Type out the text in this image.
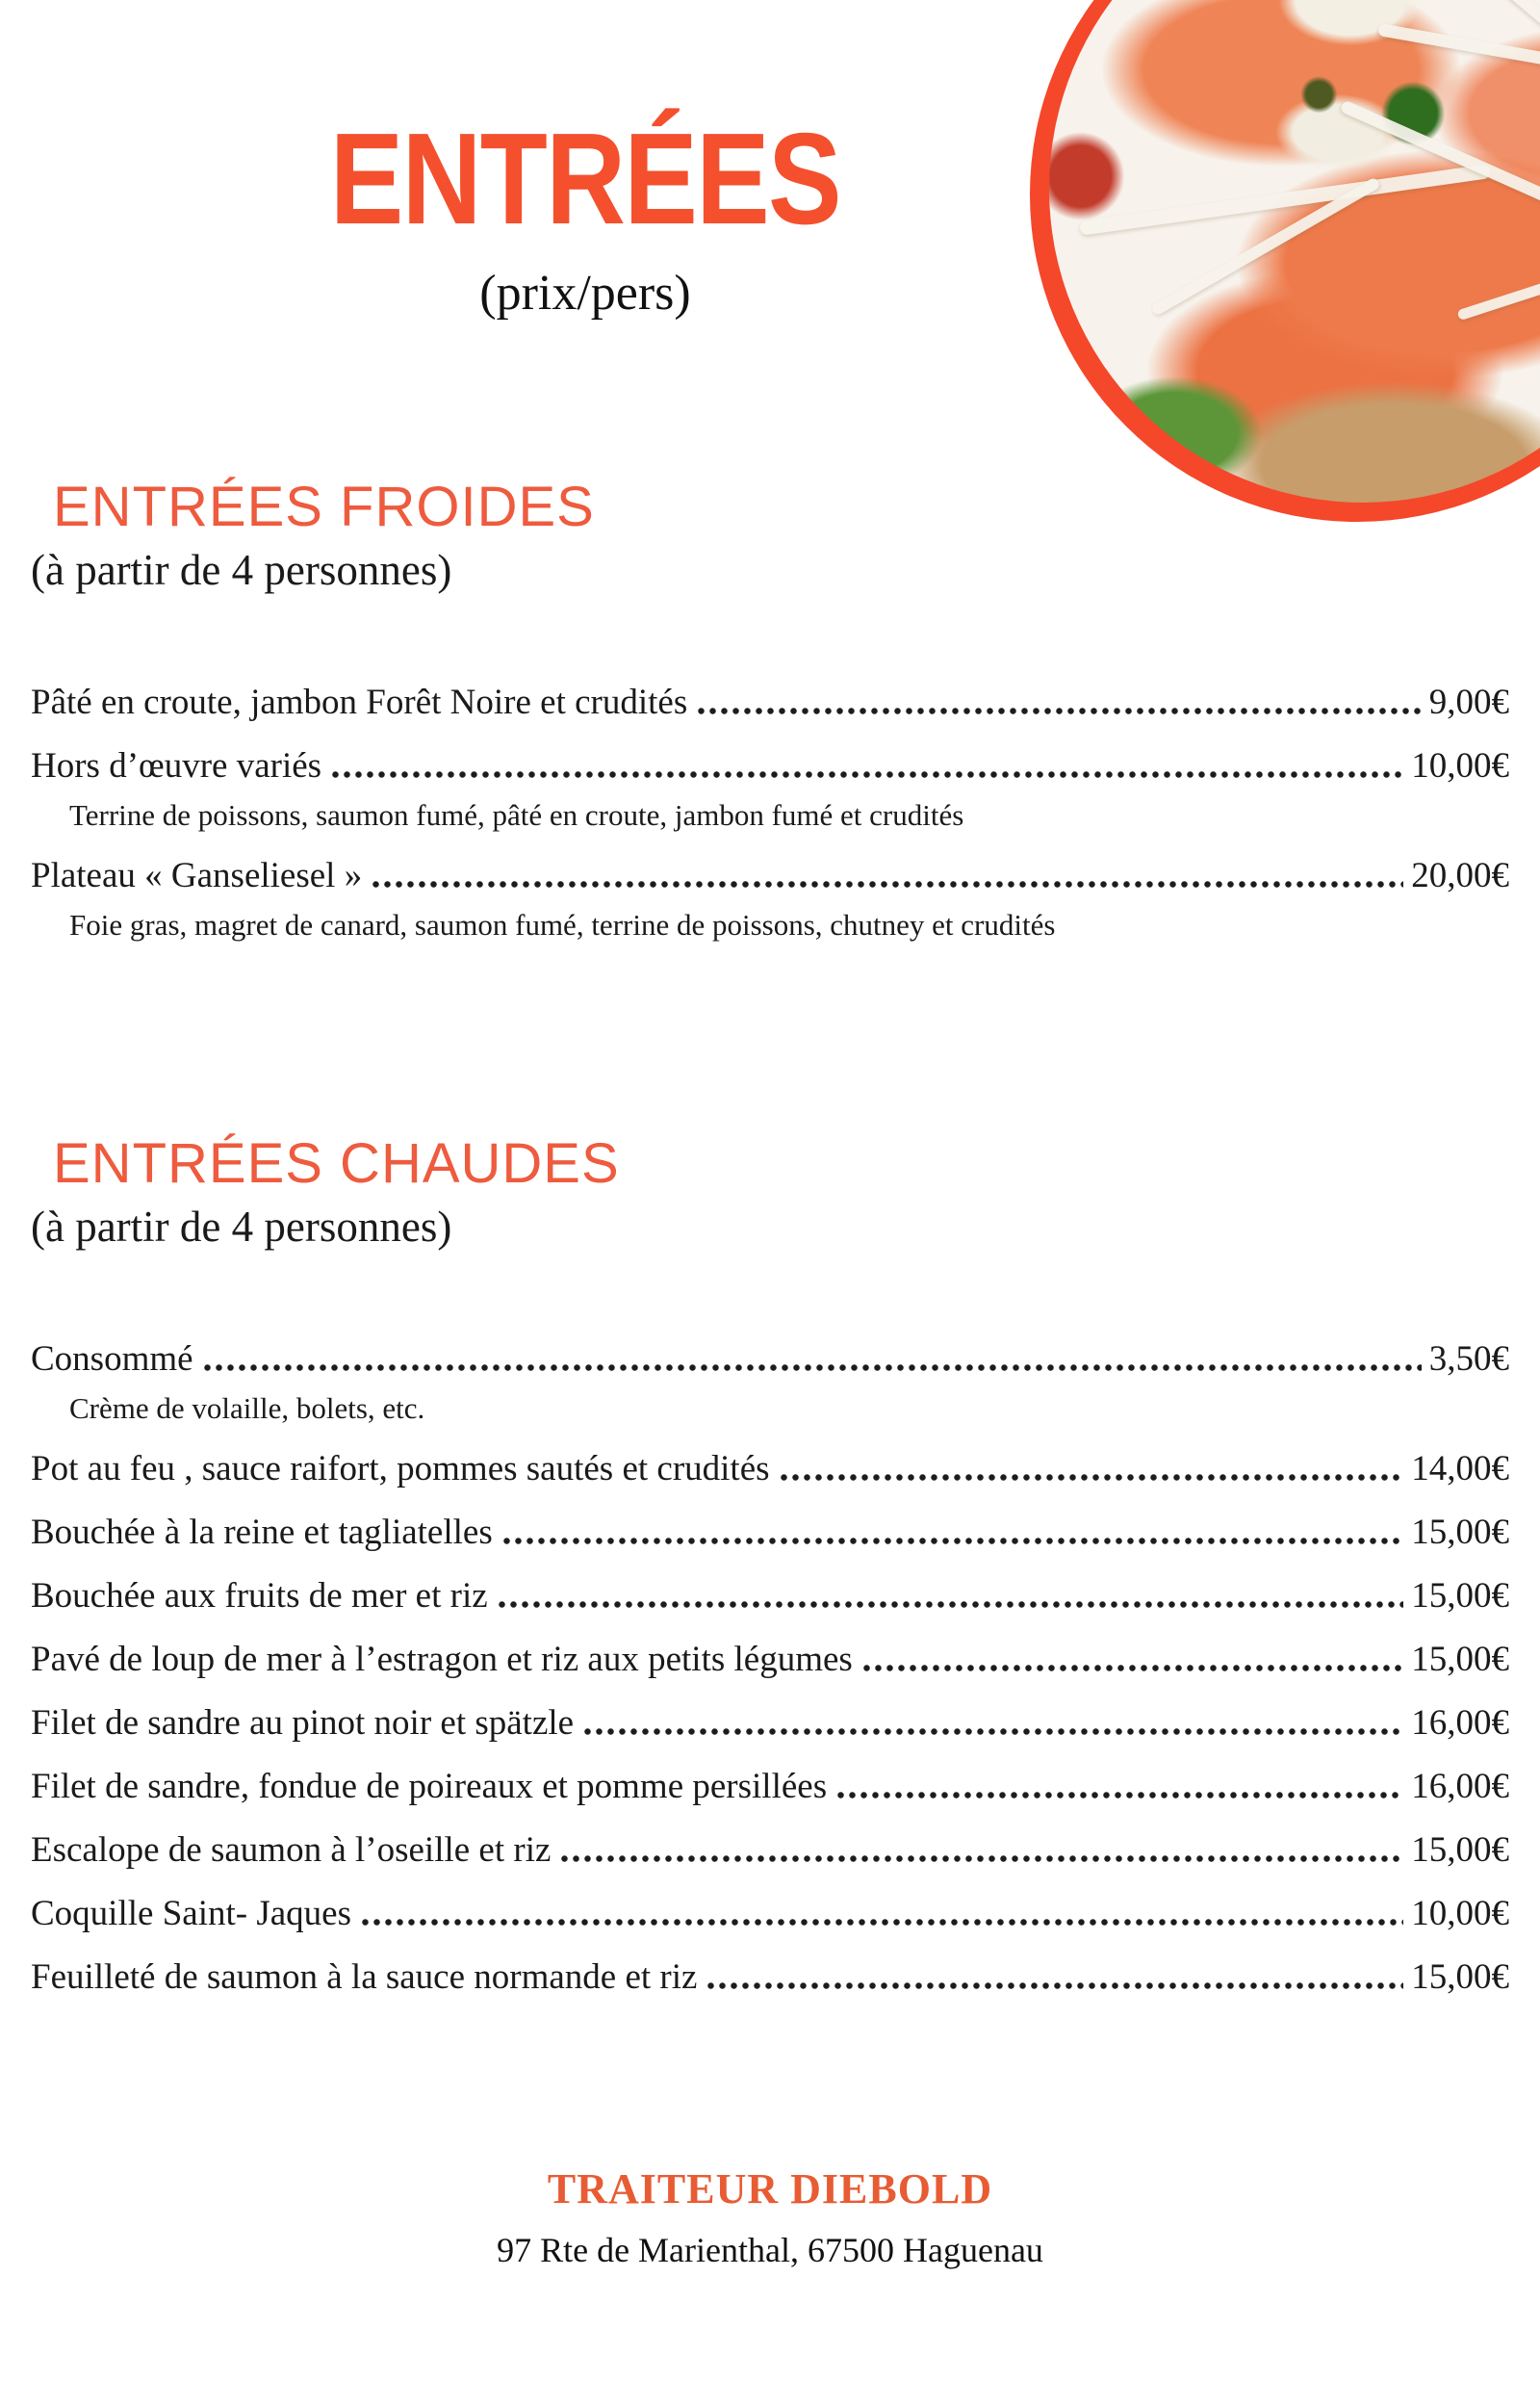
ENTRÉES
(prix/pers)
ENTRÉES FROIDES
(à partir de 4 personnes)
Pâté en croute, jambon Forêt Noire et crudités	9,00€
Hors d’œuvre variés	10,00€
Terrine de poissons, saumon fumé, pâté en croute, jambon fumé et crudités
Plateau « Ganseliesel »	20,00€
Foie gras, magret de canard, saumon fumé, terrine de poissons, chutney et crudités
ENTRÉES CHAUDES
(à partir de 4 personnes)
Consommé	3,50€
Crème de volaille, bolets, etc.
Pot au feu , sauce raifort, pommes sautés et crudités	14,00€
Bouchée à la reine et tagliatelles	15,00€
Bouchée aux fruits de mer et riz	15,00€
Pavé de loup de mer à l’estragon et riz aux petits légumes	15,00€
Filet de sandre au pinot noir et spätzle	16,00€
Filet de sandre, fondue de poireaux et pomme persillées	16,00€
Escalope de saumon à l’oseille et riz	15,00€
Coquille Saint- Jaques	10,00€
Feuilleté de saumon à la sauce normande et riz	15,00€
TRAITEUR DIEBOLD
97 Rte de Marienthal, 67500 Haguenau
